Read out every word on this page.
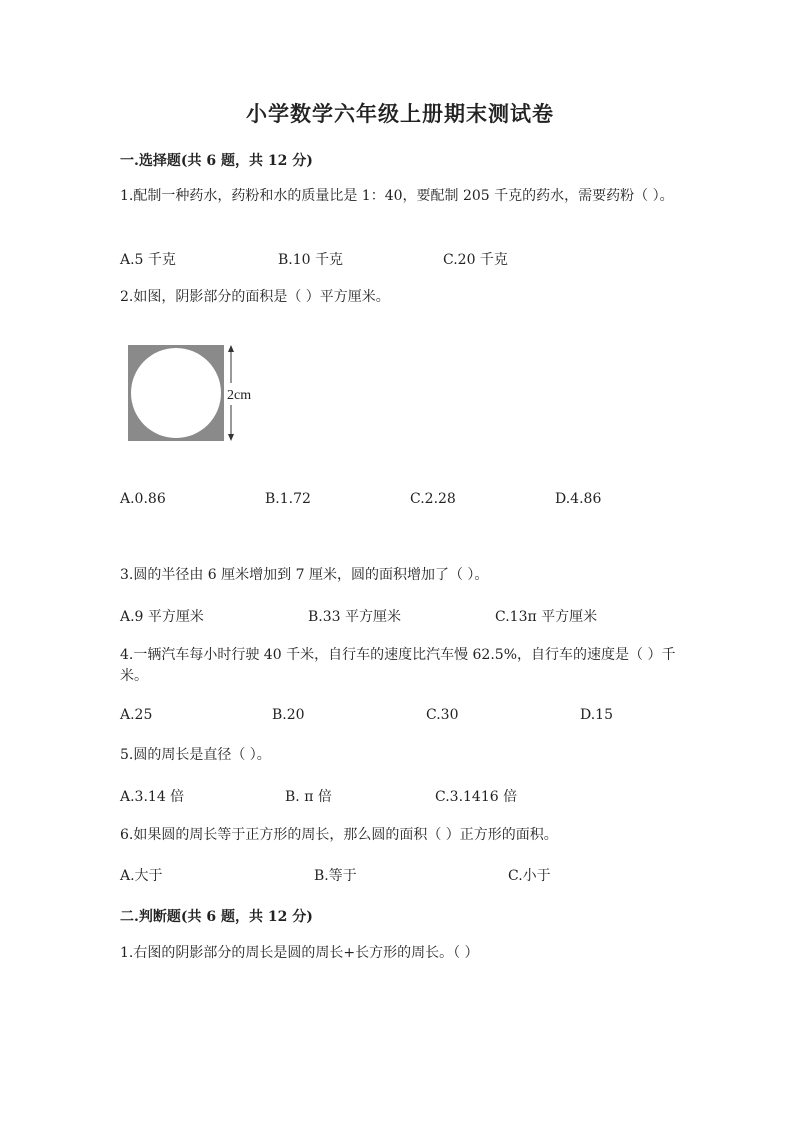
小学数学六年级上册期末测试卷
一.选择题(共 6 题，共 12 分)
1.配制一种药水，药粉和水的质量比是 1：40，要配制 205 千克的药水，需要药粉（ ）。
A.5 千克	B.10 千克	C.20 千克
2.如图，阴影部分的面积是（ ）平方厘米。
2cm
A.0.86	B.1.72	C.2.28	D.4.86
3.圆的半径由 6 厘米增加到 7 厘米，圆的面积增加了（ ）。
A.9 平方厘米	B.33 平方厘米	C.13π 平方厘米
4.一辆汽车每小时行驶 40 千米，自行车的速度比汽车慢 62.5%，自行车的速度是（ ）千米。
A.25	B.20	C.30	D.15
5.圆的周长是直径（ ）。
A.3.14 倍	B. π 倍	C.3.1416 倍
6.如果圆的周长等于正方形的周长，那么圆的面积（ ）正方形的面积。
A.大于	B.等于	C.小于
二.判断题(共 6 题，共 12 分)
1.右图的阴影部分的周长是圆的周长+长方形的周长。（ ）
